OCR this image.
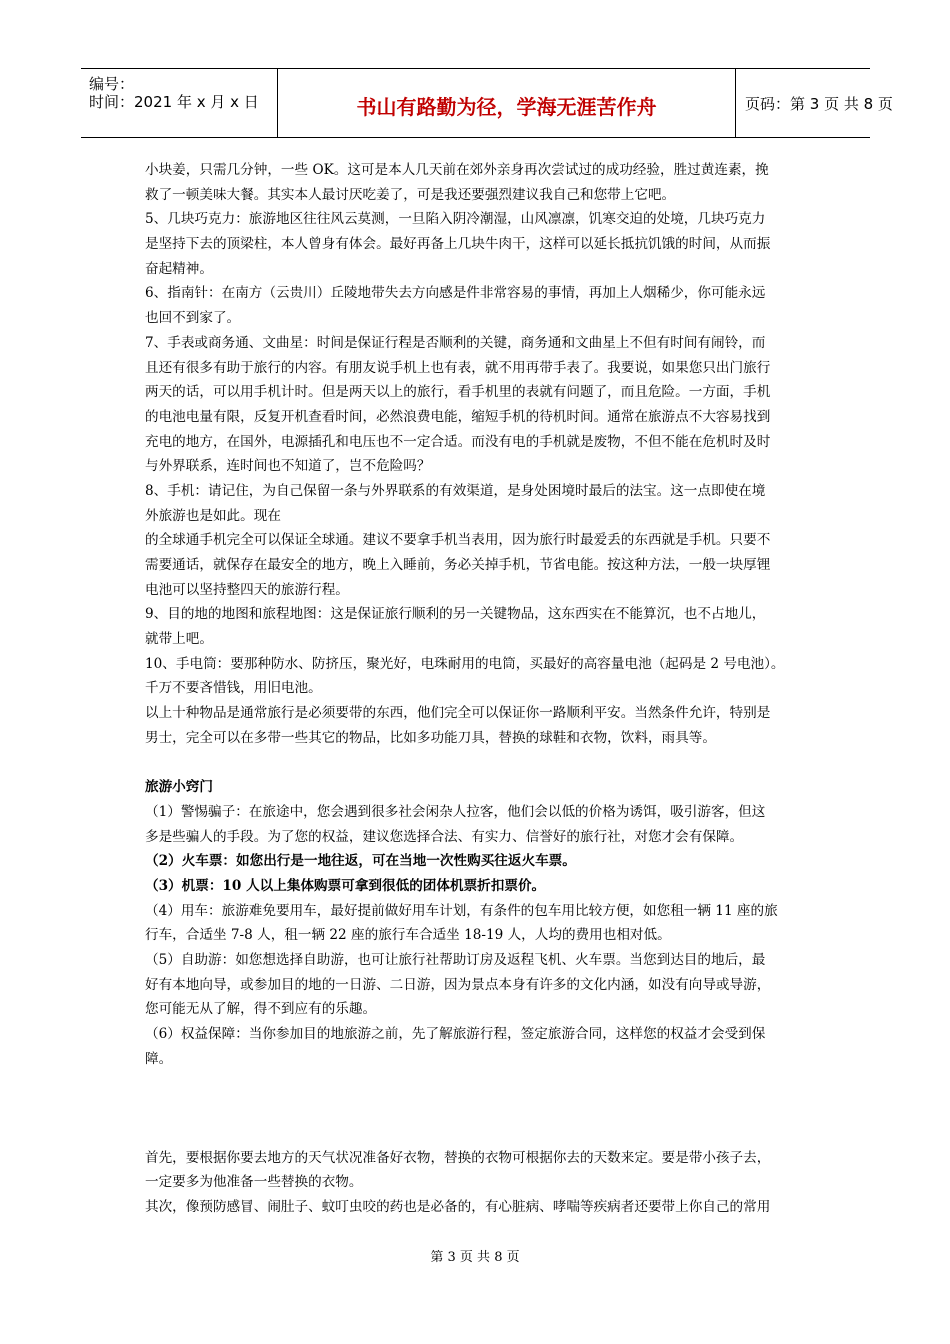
编号：
时间：2021 年 x 月 x 日	书山有路勤为径，学海无涯苦作舟	页码：第 3 页 共 8 页
小块姜，只需几分钟，一些 OK。这可是本人几天前在郊外亲身再次尝试过的成功经验，胜过黄连素，挽
救了一顿美味大餐。其实本人最讨厌吃姜了，可是我还要强烈建议我自己和您带上它吧。
5、几块巧克力：旅游地区往往风云莫测，一旦陷入阴冷潮湿，山风凛凛，饥寒交迫的处境，几块巧克力
是坚持下去的顶梁柱，本人曾身有体会。最好再备上几块牛肉干，这样可以延长抵抗饥饿的时间，从而振
奋起精神。
6、指南针：在南方（云贵川）丘陵地带失去方向感是件非常容易的事情，再加上人烟稀少，你可能永远
也回不到家了。
7、手表或商务通、文曲星：时间是保证行程是否顺利的关键，商务通和文曲星上不但有时间有闹铃，而
且还有很多有助于旅行的内容。有朋友说手机上也有表，就不用再带手表了。我要说，如果您只出门旅行
两天的话，可以用手机计时。但是两天以上的旅行，看手机里的表就有问题了，而且危险。一方面，手机
的电池电量有限，反复开机查看时间，必然浪费电能，缩短手机的待机时间。通常在旅游点不大容易找到
充电的地方，在国外，电源插孔和电压也不一定合适。而没有电的手机就是废物，不但不能在危机时及时
与外界联系，连时间也不知道了，岂不危险吗？
8、手机：请记住，为自己保留一条与外界联系的有效渠道，是身处困境时最后的法宝。这一点即使在境
外旅游也是如此。现在
的全球通手机完全可以保证全球通。建议不要拿手机当表用，因为旅行时最爱丢的东西就是手机。只要不
需要通话，就保存在最安全的地方，晚上入睡前，务必关掉手机，节省电能。按这种方法，一般一块厚锂
电池可以坚持整四天的旅游行程。
9、目的地的地图和旅程地图：这是保证旅行顺利的另一关键物品，这东西实在不能算沉，也不占地儿，
就带上吧。
10、手电筒：要那种防水、防挤压，聚光好，电珠耐用的电筒，买最好的高容量电池（起码是 2 号电池）。
千万不要吝惜钱，用旧电池。
以上十种物品是通常旅行是必须要带的东西，他们完全可以保证你一路顺利平安。当然条件允许，特别是
男士，完全可以在多带一些其它的物品，比如多功能刀具，替换的球鞋和衣物，饮料，雨具等。
旅游小窍门
（1）警惕骗子：在旅途中，您会遇到很多社会闲杂人拉客，他们会以低的价格为诱饵，吸引游客，但这
多是些骗人的手段。为了您的权益，建议您选择合法、有实力、信誉好的旅行社，对您才会有保障。
（2）火车票：如您出行是一地往返，可在当地一次性购买往返火车票。
（3）机票：10 人以上集体购票可拿到很低的团体机票折扣票价。
（4）用车：旅游难免要用车，最好提前做好用车计划，有条件的包车用比较方便，如您租一辆 11 座的旅
行车，合适坐 7-8 人，租一辆 22 座的旅行车合适坐 18-19 人，人均的费用也相对低。
（5）自助游：如您想选择自助游，也可让旅行社帮助订房及返程飞机、火车票。当您到达目的地后，最
好有本地向导，或参加目的地的一日游、二日游，因为景点本身有许多的文化内涵，如没有向导或导游，
您可能无从了解，得不到应有的乐趣。
（6）权益保障：当你参加目的地旅游之前，先了解旅游行程，签定旅游合同，这样您的权益才会受到保
障。
首先，要根据你要去地方的天气状况准备好衣物，替换的衣物可根据你去的天数来定。要是带小孩子去，
一定要多为他准备一些替换的衣物。
其次，像预防感冒、闹肚子、蚊叮虫咬的药也是必备的，有心脏病、哮喘等疾病者还要带上你自己的常用
第 3 页 共 8 页
